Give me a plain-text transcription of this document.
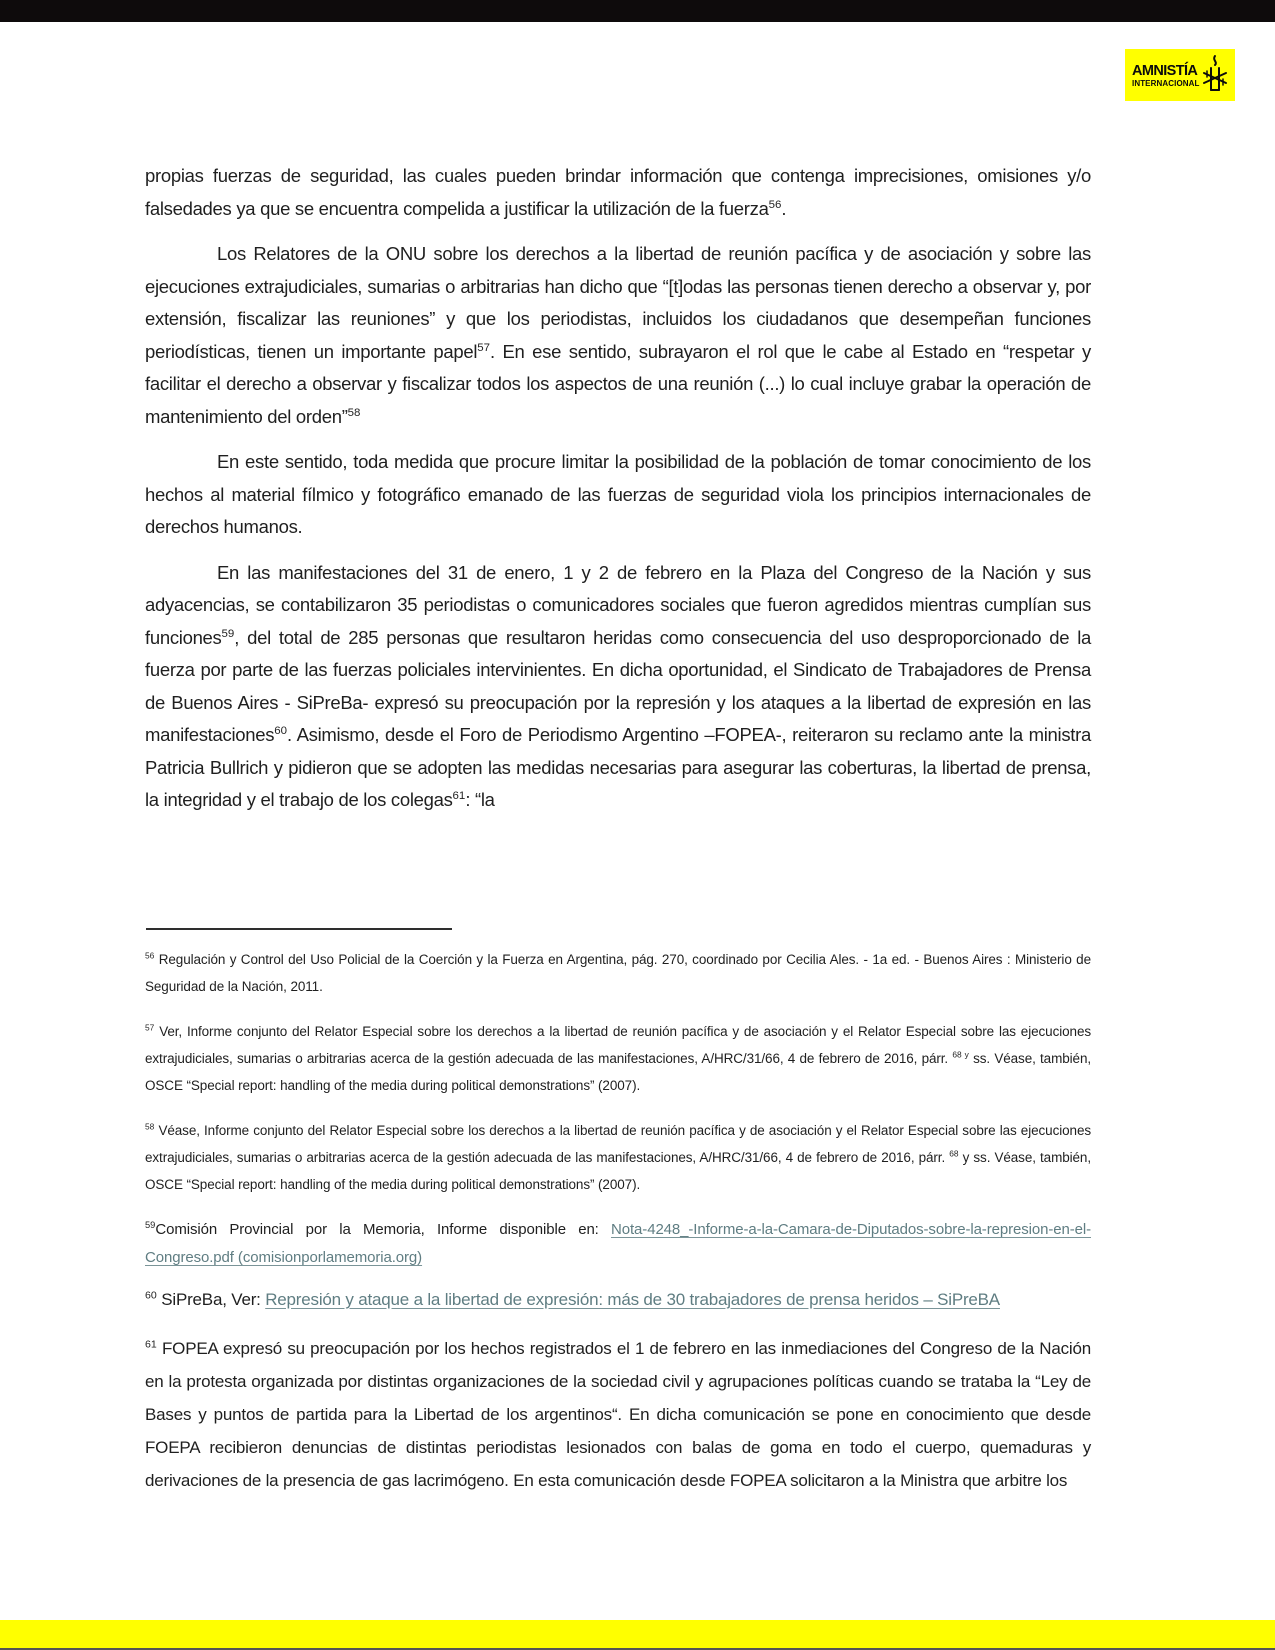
AMNISTÍA
INTERNACIONAL

propias fuerzas de seguridad, las cuales pueden brindar información que contenga imprecisiones, omisiones y/o falsedades ya que se encuentra compelida a justificar la utilización de la fuerza$^{56}$.

Los Relatores de la ONU sobre los derechos a la libertad de reunión pacífica y de asociación y sobre las ejecuciones extrajudiciales, sumarias o arbitrarias han dicho que “[t]odas las personas tienen derecho a observar y, por extensión, fiscalizar las reuniones” y que los periodistas, incluidos los ciudadanos que desempeñan funciones periodísticas, tienen un importante papel$^{57}$. En ese sentido, subrayaron el rol que le cabe al Estado en “respetar y facilitar el derecho a observar y fiscalizar todos los aspectos de una reunión (...) lo cual incluye grabar la operación de mantenimiento del orden”$^{58}$

En este sentido, toda medida que procure limitar la posibilidad de la población de tomar conocimiento de los hechos al material fílmico y fotográfico emanado de las fuerzas de seguridad viola los principios internacionales de derechos humanos.

En las manifestaciones del 31 de enero, 1 y 2 de febrero en la Plaza del Congreso de la Nación y sus adyacencias, se contabilizaron 35 periodistas o comunicadores sociales que fueron agredidos mientras cumplían sus funciones$^{59}$, del total de 285 personas que resultaron heridas como consecuencia del uso desproporcionado de la fuerza por parte de las fuerzas policiales intervinientes. En dicha oportunidad, el Sindicato de Trabajadores de Prensa de Buenos Aires - SiPreBa- expresó su preocupación por la represión y los ataques a la libertad de expresión en las manifestaciones$^{60}$. Asimismo, desde el Foro de Periodismo Argentino –FOPEA-, reiteraron su reclamo ante la ministra Patricia Bullrich y pidieron que se adopten las medidas necesarias para asegurar las coberturas, la libertad de prensa, la integridad y el trabajo de los colegas$^{61}$: “la

$^{56}$ Regulación y Control del Uso Policial de la Coerción y la Fuerza en Argentina, pág. 270, coordinado por Cecilia Ales. - 1a ed. - Buenos Aires : Ministerio de Seguridad de la Nación, 2011.
$^{57}$ Ver, Informe conjunto del Relator Especial sobre los derechos a la libertad de reunión pacífica y de asociación y el Relator Especial sobre las ejecuciones extrajudiciales, sumarias o arbitrarias acerca de la gestión adecuada de las manifestaciones, A/HRC/31/66, 4 de febrero de 2016, párr. $^{68 y}$ ss. Véase, también, OSCE “Special report: handling of the media during political demonstrations” (2007).
$^{58}$ Véase, Informe conjunto del Relator Especial sobre los derechos a la libertad de reunión pacífica y de asociación y el Relator Especial sobre las ejecuciones extrajudiciales, sumarias o arbitrarias acerca de la gestión adecuada de las manifestaciones, A/HRC/31/66, 4 de febrero de 2016, párr. $^{68}$ y ss. Véase, también, OSCE “Special report: handling of the media during political demonstrations” (2007).
$^{59}$Comisión Provincial por la Memoria, Informe disponible en: Nota-4248_-Informe-a-la-Camara-de-Diputados-sobre-la-represion-en-el-Congreso.pdf (comisionporlamemoria.org)
$^{60}$ SiPreBa, Ver: Represión y ataque a la libertad de expresión: más de 30 trabajadores de prensa heridos – SiPreBA
$^{61}$ FOPEA expresó su preocupación por los hechos registrados el 1 de febrero en las inmediaciones del Congreso de la Nación en la protesta organizada por distintas organizaciones de la sociedad civil y agrupaciones políticas cuando se trataba la “Ley de Bases y puntos de partida para la Libertad de los argentinos“. En dicha comunicación se pone en conocimiento que desde FOEPA recibieron denuncias de distintas periodistas lesionados con balas de goma en todo el cuerpo, quemaduras y derivaciones de la presencia de gas lacrimógeno. En esta comunicación desde FOPEA solicitaron a la Ministra que arbitre los
